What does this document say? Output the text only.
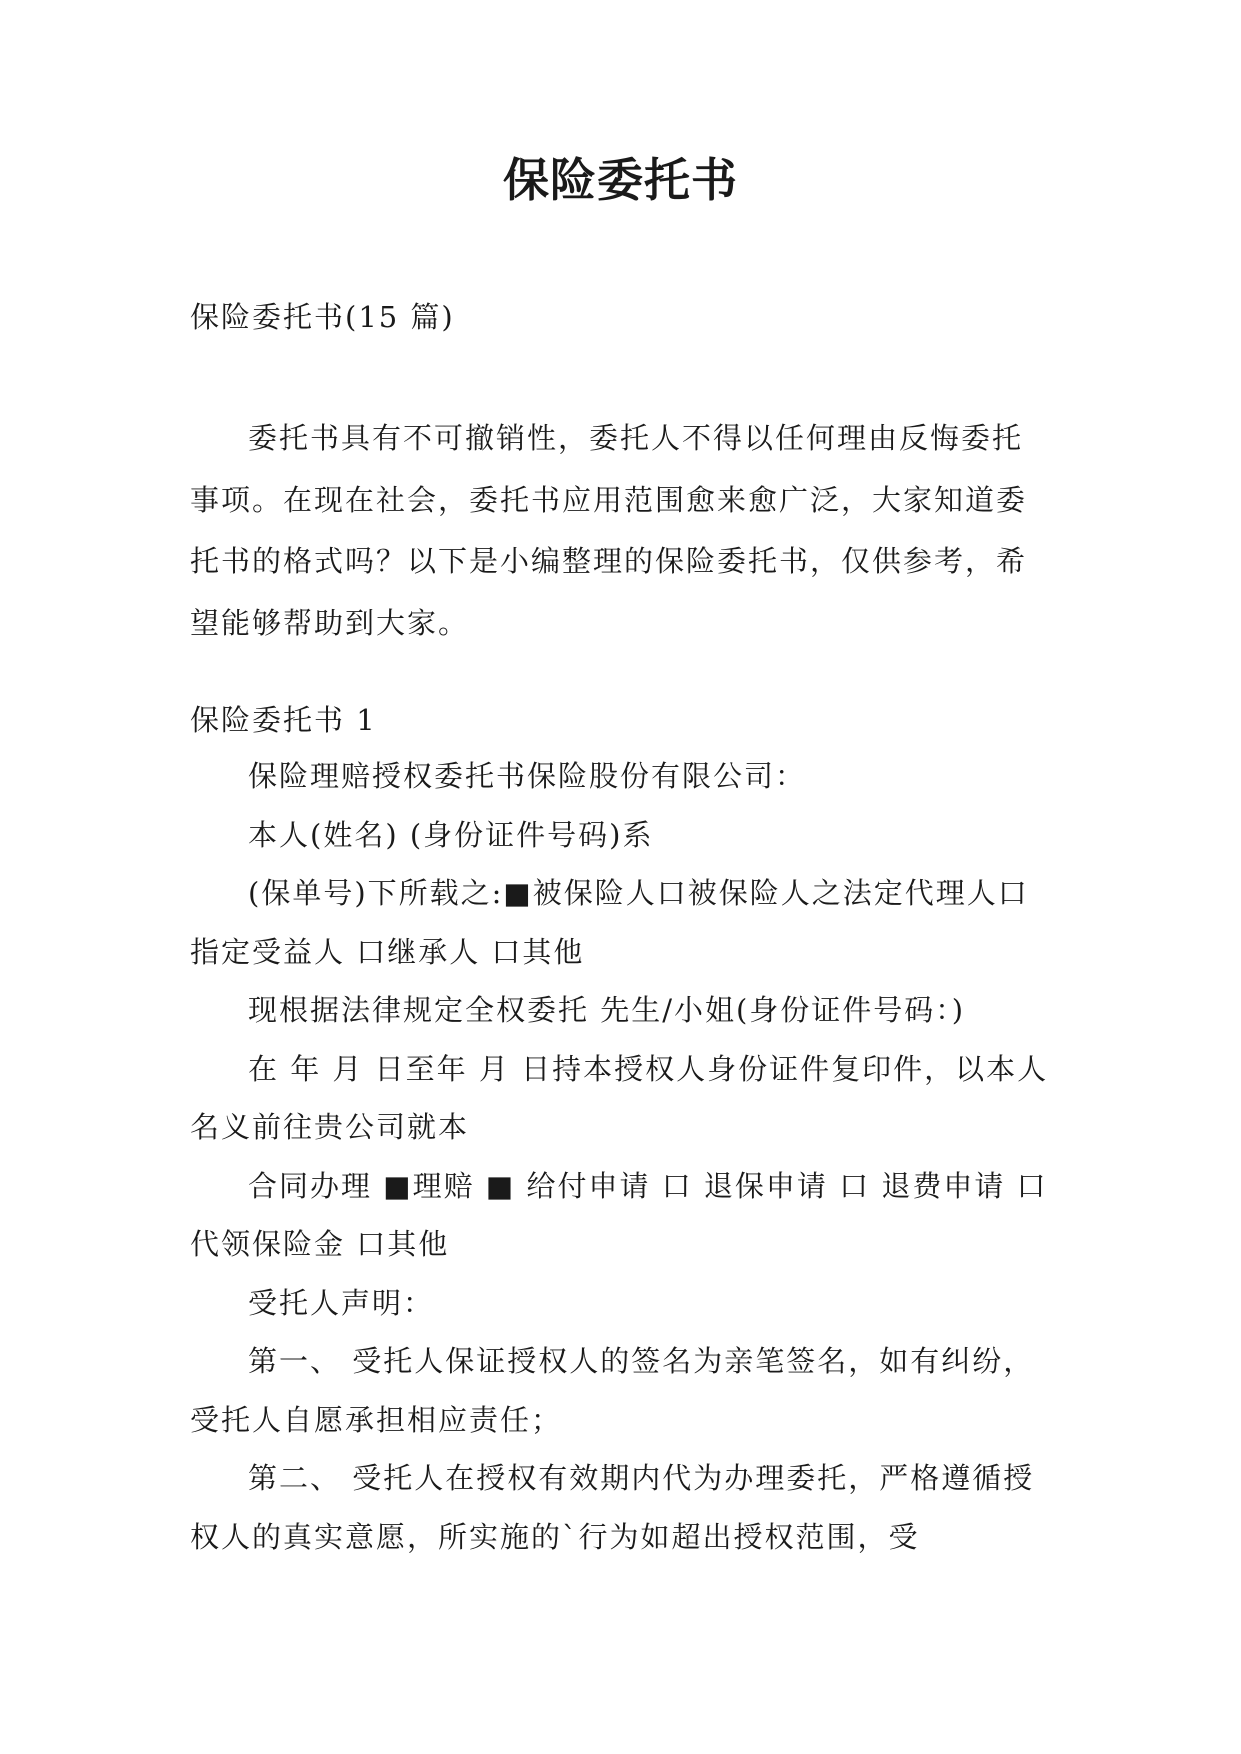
保险委托书
保险委托书(15 篇)
委托书具有不可撤销性，委托人不得以任何理由反悔委托事项。在现在社会，委托书应用范围愈来愈广泛，大家知道委托书的格式吗？以下是小编整理的保险委托书，仅供参考，希望能够帮助到大家。
保险委托书 1

保险理赔授权委托书保险股份有限公司：

本人(姓名) (身份证件号码)系

(保单号)下所载之:■被保险人口被保险人之法定代理人口指定受益人 口继承人 口其他

现根据法律规定全权委托 先生/小姐(身份证件号码：)

在 年 月 日至年 月 日持本授权人身份证件复印件，以本人名义前往贵公司就本

合同办理 ■理赔 ■ 给付申请 口 退保申请 口 退费申请 口代领保险金 口其他

受托人声明：

第一、 受托人保证授权人的签名为亲笔签名，如有纠纷，受托人自愿承担相应责任；

第二、 受托人在授权有效期内代为办理委托，严格遵循授权人的真实意愿，所实施的`行为如超出授权范围，受
